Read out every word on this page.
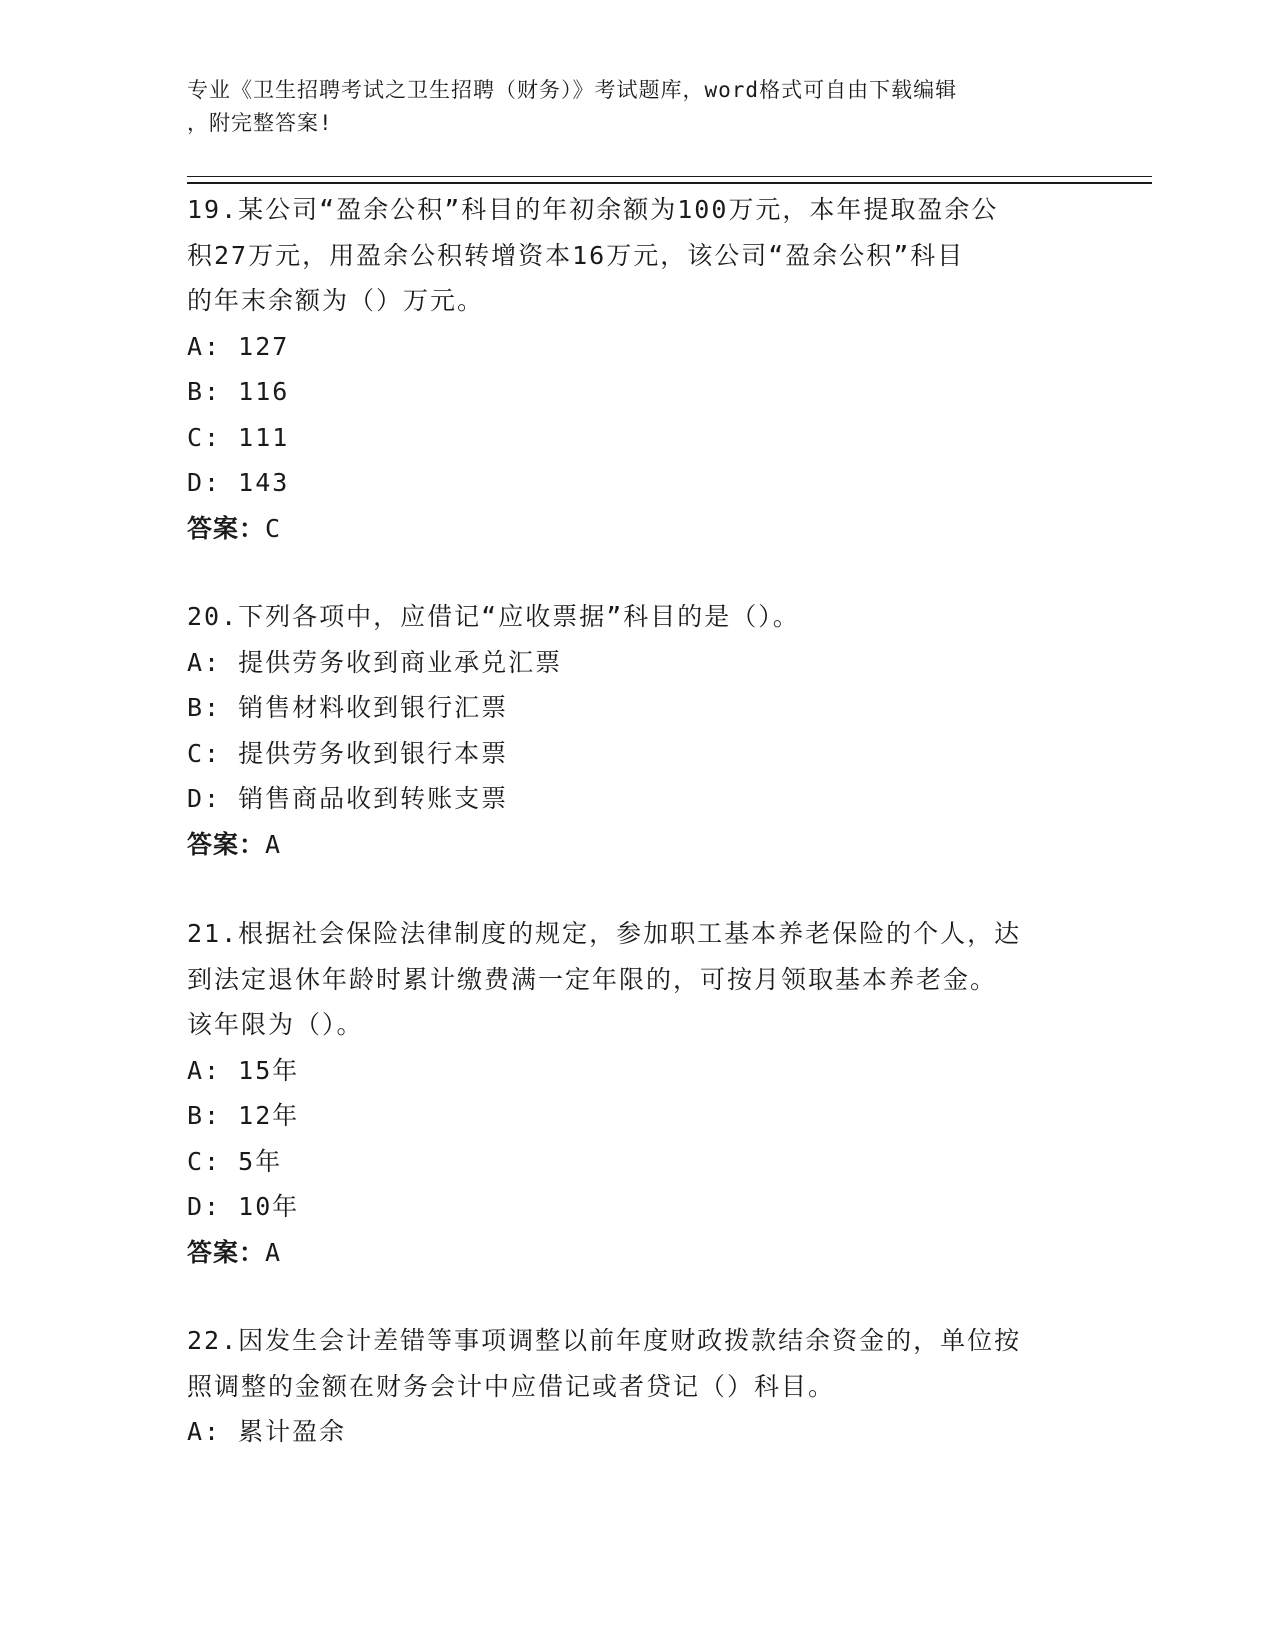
专业《卫生招聘考试之卫生招聘（财务）》考试题库，word格式可自由下载编辑
，附完整答案!

19.某公司“盈余公积”科目的年初余额为100万元，本年提取盈余公

积27万元，用盈余公积转增资本16万元，该公司“盈余公积”科目

的年末余额为（）万元。

A: 127

B: 116

C: 111

D: 143

答案：C

20.下列各项中，应借记“应收票据”科目的是（）。

A: 提供劳务收到商业承兑汇票

B: 销售材料收到银行汇票

C: 提供劳务收到银行本票

D: 销售商品收到转账支票

答案：A

21.根据社会保险法律制度的规定，参加职工基本养老保险的个人，达

到法定退休年龄时累计缴费满一定年限的，可按月领取基本养老金。

该年限为（）。

A: 15年

B: 12年

C: 5年

D: 10年

答案：A

22.因发生会计差错等事项调整以前年度财政拨款结余资金的，单位按

照调整的金额在财务会计中应借记或者贷记（）科目。

A: 累计盈余
